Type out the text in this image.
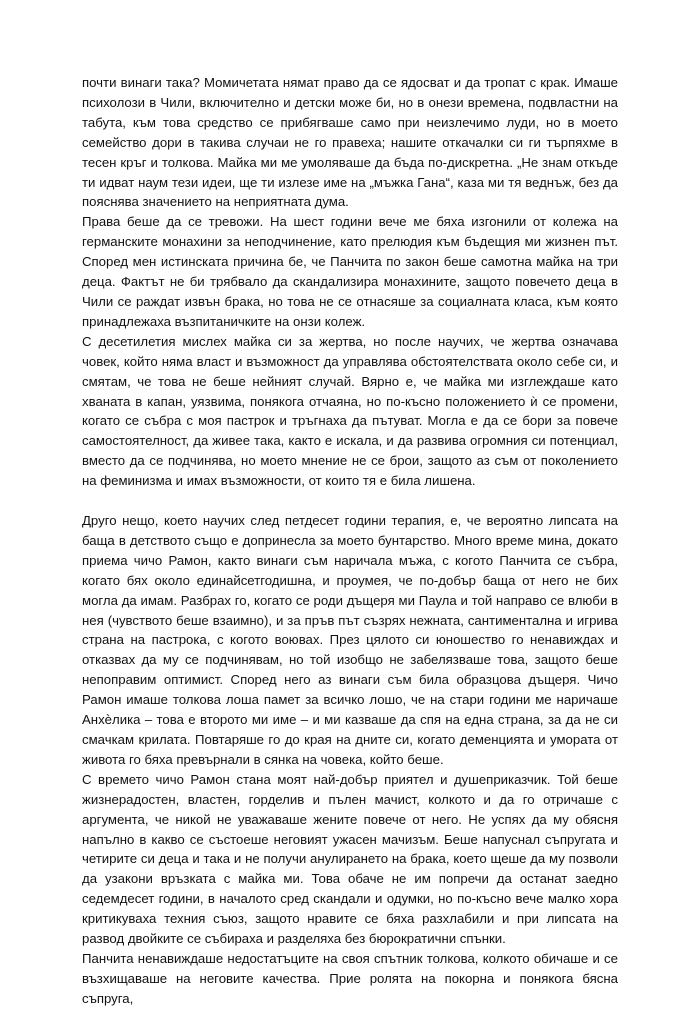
почти винаги така? Момичетата нямат право да се ядосват и да тропат с крак. Имаше психолози в Чили, включително и детски може би, но в онези времена, подвластни на табута, към това средство се прибягваше само при неизлечимо луди, но в моето семейство дори в такива случаи не го правеха; нашите откачалки си ги търпяхме в тесен кръг и толкова. Майка ми ме умоляваше да бъда по-дискретна. „Не знам откъде ти идват наум тези идеи, ще ти излезе име на „мъжка Гана“, каза ми тя веднъж, без да пояснява значението на неприятната дума.

Права беше да се тревожи. На шест години вече ме бяха изгонили от колежа на германските монахини за неподчинение, като прелюдия към бъдещия ми жизнен път. Според мен истинската причина бе, че Панчита по закон беше самотна майка на три деца. Фактът не би трябвало да скандализира монахините, защото повечето деца в Чили се раждат извън брака, но това не се отнасяше за социалната класа, към която принадлежаха възпитаничките на онзи колеж.

С десетилетия мислех майка си за жертва, но после научих, че жертва означава човек, който няма власт и възможност да управлява обстоятелствата около себе си, и смятам, че това не беше нейният случай. Вярно е, че майка ми изглеждаше като хваната в капан, уязвима, понякога отчаяна, но по-късно положението ѝ се промени, когато се събра с моя пастрок и тръгнаха да пътуват. Могла е да се бори за повече самостоятелност, да живее така, както е искала, и да развива огромния си потенциал, вместо да се подчинява, но моето мнение не се брои, защото аз съм от поколението на феминизма и имах възможности, от които тя е била лишена.

Друго нещо, което научих след петдесет години терапия, е, че вероятно липсата на баща в детството също е допринесла за моето бунтарство. Много време мина, докато приема чичо Рамон, както винаги съм наричала мъжа, с когото Панчита се събра, когато бях около единайсетгодишна, и проумея, че по-добър баща от него не бих могла да имам. Разбрах го, когато се роди дъщеря ми Паула и той направо се влюби в нея (чувството беше взаимно), и за пръв път съзрях нежната, сантиментална и игрива страна на пастрока, с когото воювах. През цялото си юношество го ненавиждах и отказвах да му се подчинявам, но той изобщо не забелязваше това, защото беше непоправим оптимист. Според него аз винаги съм била образцова дъщеря. Чичо Рамон имаше толкова лоша памет за всичко лошо, че на стари години ме наричаше Анхѐлика – това е второто ми име – и ми казваше да спя на една страна, за да не си смачкам крилата. Повтаряше го до края на дните си, когато деменцията и умората от живота го бяха превърнали в сянка на човека, който беше.

С времето чичо Рамон стана моят най-добър приятел и душеприказчик. Той беше жизнерадостен, властен, горделив и пълен мачист, колкото и да го отричаше с аргумента, че никой не уважаваше жените повече от него. Не успях да му обясня напълно в какво се състоеше неговият ужасен мачизъм. Беше напуснал съпругата и четирите си деца и така и не получи анулирането на брака, което щеше да му позволи да узакони връзката с майка ми. Това обаче не им попречи да останат заедно седемдесет години, в началото сред скандали и одумки, но по-късно вече малко хора критикуваха техния съюз, защото нравите се бяха разхлабили и при липсата на развод двойките се събираха и разделяха без бюрократични спънки.

Панчита ненавиждаше недостатъците на своя спътник толкова, колкото обичаше и се възхищаваше на неговите качества. Прие ролята на покорна и понякога бясна съпруга,
